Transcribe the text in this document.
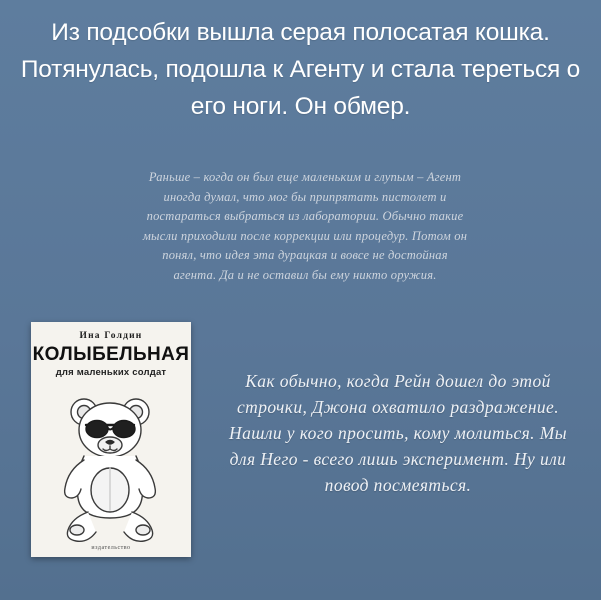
Из подсобки вышла серая полосатая кошка. Потянулась, подошла к Агенту и стала тереться о его ноги. Он обмер.
Раньше – когда он был еще маленьким и глупым – Агент иногда думал, что мог бы припрятать пистолет и постараться выбраться из лаборатории. Обычно такие мысли приходили после коррекции или процедур. Потом он понял, что идея эта дурацкая и вовсе не достойная агента. Да и не оставил бы ему никто оружия.
Ина Голдин
КОЛЫБЕЛЬНАЯ
для маленьких солдат
издательство
Как обычно, когда Рейн дошел до этой строчки, Джона охватило раздражение. Нашли у кого просить, кому молиться. Мы для Него - всего лишь эксперимент. Ну или повод посмеяться.
